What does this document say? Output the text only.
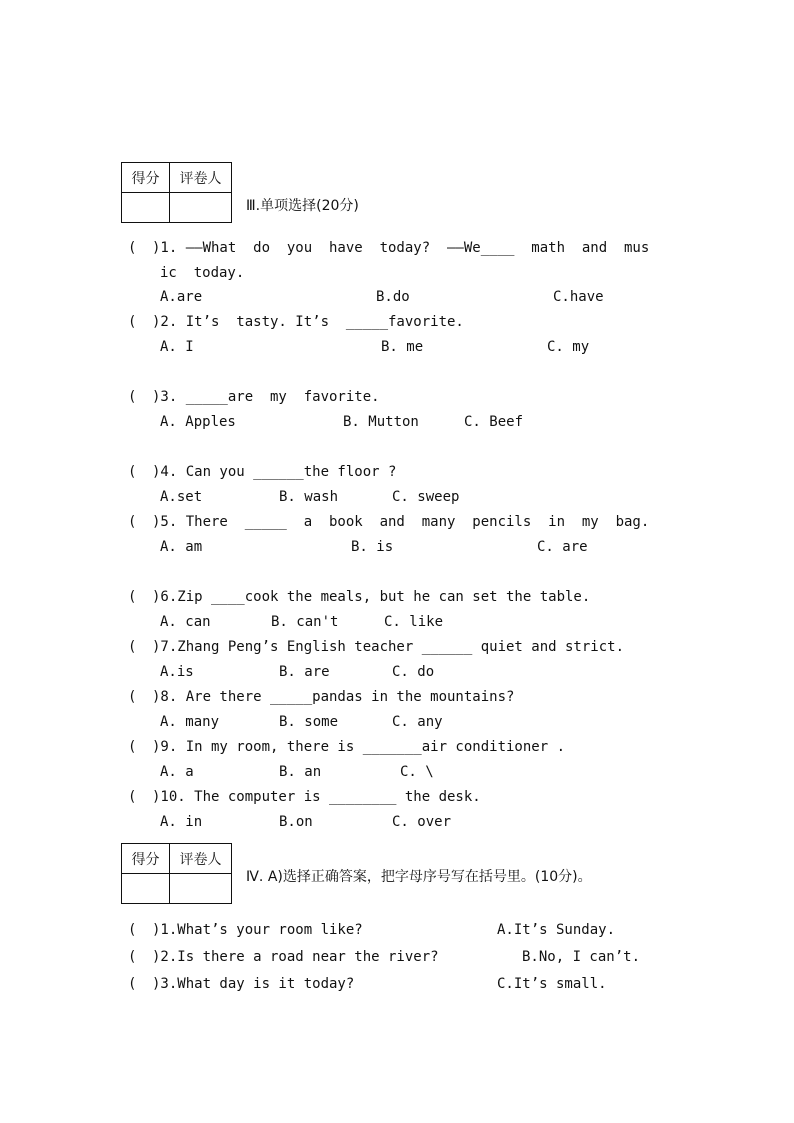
得分	评卷人

Ⅲ.单项选择(20分)
( )1. ——What  do  you  have  today?  ——We____  math  and  mus
ic  today.
A.are	B.do	C.have
( )2. It’s  tasty. It’s  _____favorite.
A. I	B. me	C. my
( )3. _____are  my  favorite.
A. Apples	B. Mutton	C. Beef
( )4. Can you ______the floor ?
A.set	B. wash	C. sweep
( )5. There  _____  a  book  and  many  pencils  in  my  bag.
A. am	B. is	C. are
( )6.Zip ____cook the meals, but he can set the table.
A. can	B. can't	C. like
( )7.Zhang Peng’s English teacher ______ quiet and strict.
A.is	B. are	C. do
( )8. Are there _____pandas in the mountains?
A. many	B. some	C. any
( )9. In my room, there is _______air conditioner .
A. a	B. an	C. \
( )10. The computer is ________ the desk.
A. in	B.on	C. over
得分	评卷人

Ⅳ. A)选择正确答案，把字母序号写在括号里。(10分)。
( )1.What’s your room like?	A.It’s Sunday.
( )2.Is there a road near the river?	B.No, I can’t.
( )3.What day is it today?	C.It’s small.
